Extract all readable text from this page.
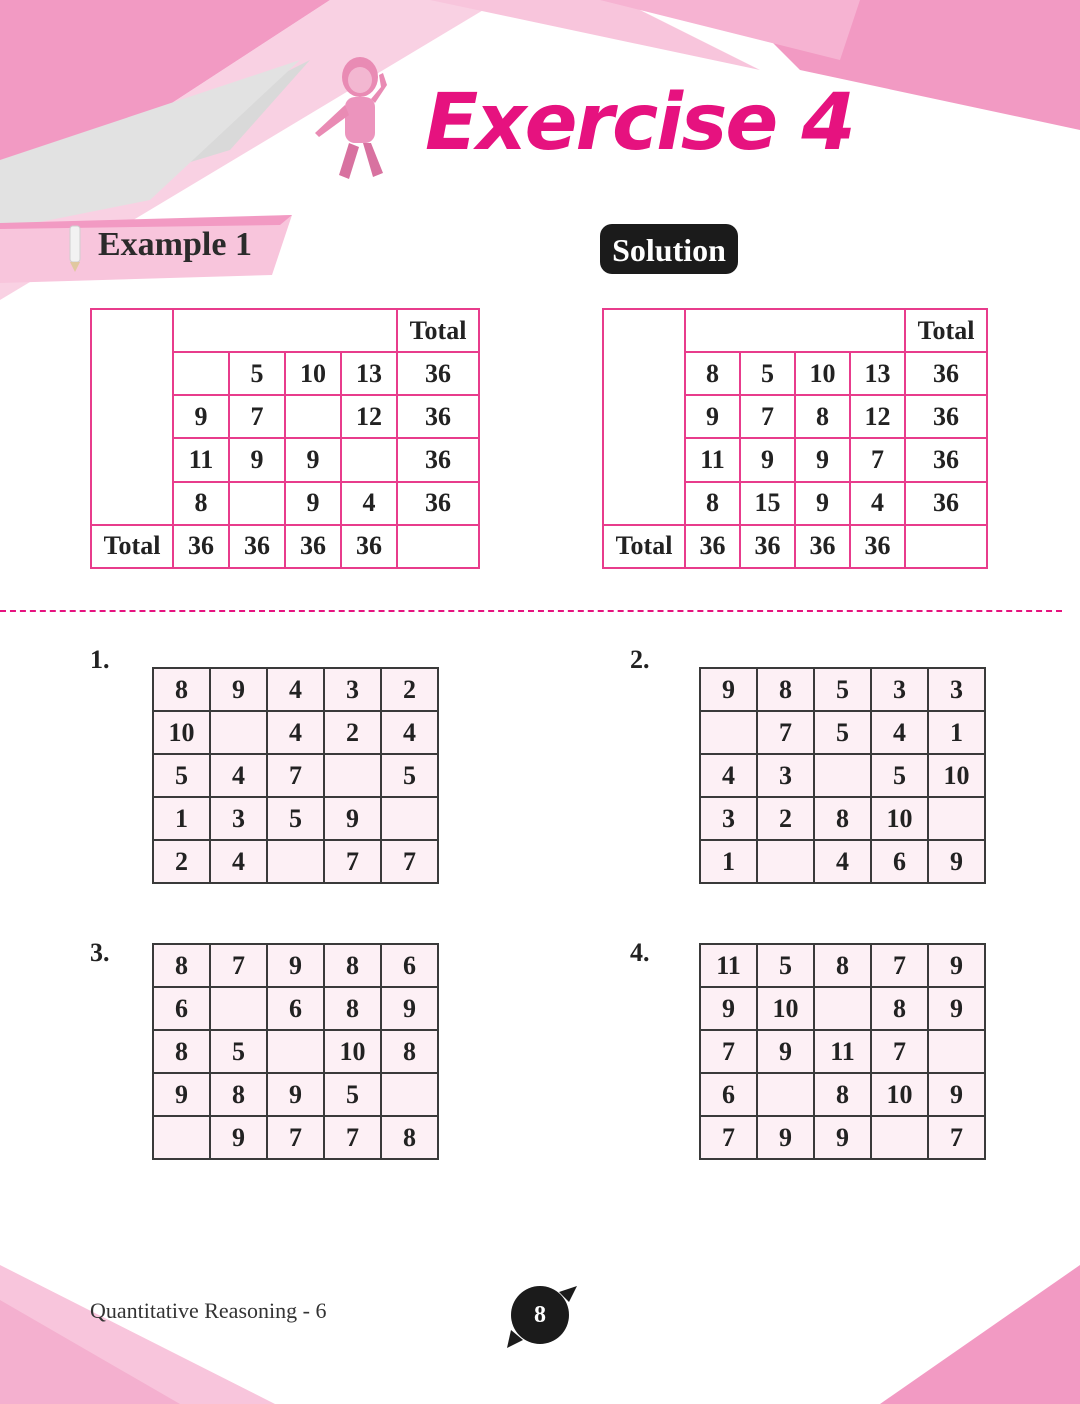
Exercise 4
Example 1	Solution
					Total
		5	10	13	36
	9	7		12	36
	11	9	9		36
	8		9	4	36
Total	36	36	36	36	
					Total
	8	5	10	13	36
	9	7	8	12	36
	11	9	9	7	36
	8	15	9	4	36
Total	36	36	36	36	
1.
8	9	4	3	2
10		4	2	4
5	4	7		5
1	3	5	9	
2	4		7	7
2.
9	8	5	3	3
	7	5	4	1
4	3		5	10
3	2	8	10	
1		4	6	9
3.	8	7	9	8	6
6		6	8	9
8	5		10	8
9	8	9	5	
	9	7	7	8
4.	11	5	8	7	9
9	10		8	9
7	9	11	7	
6		8	10	9
7	9	9		7
Quantitative Reasoning - 6	8
